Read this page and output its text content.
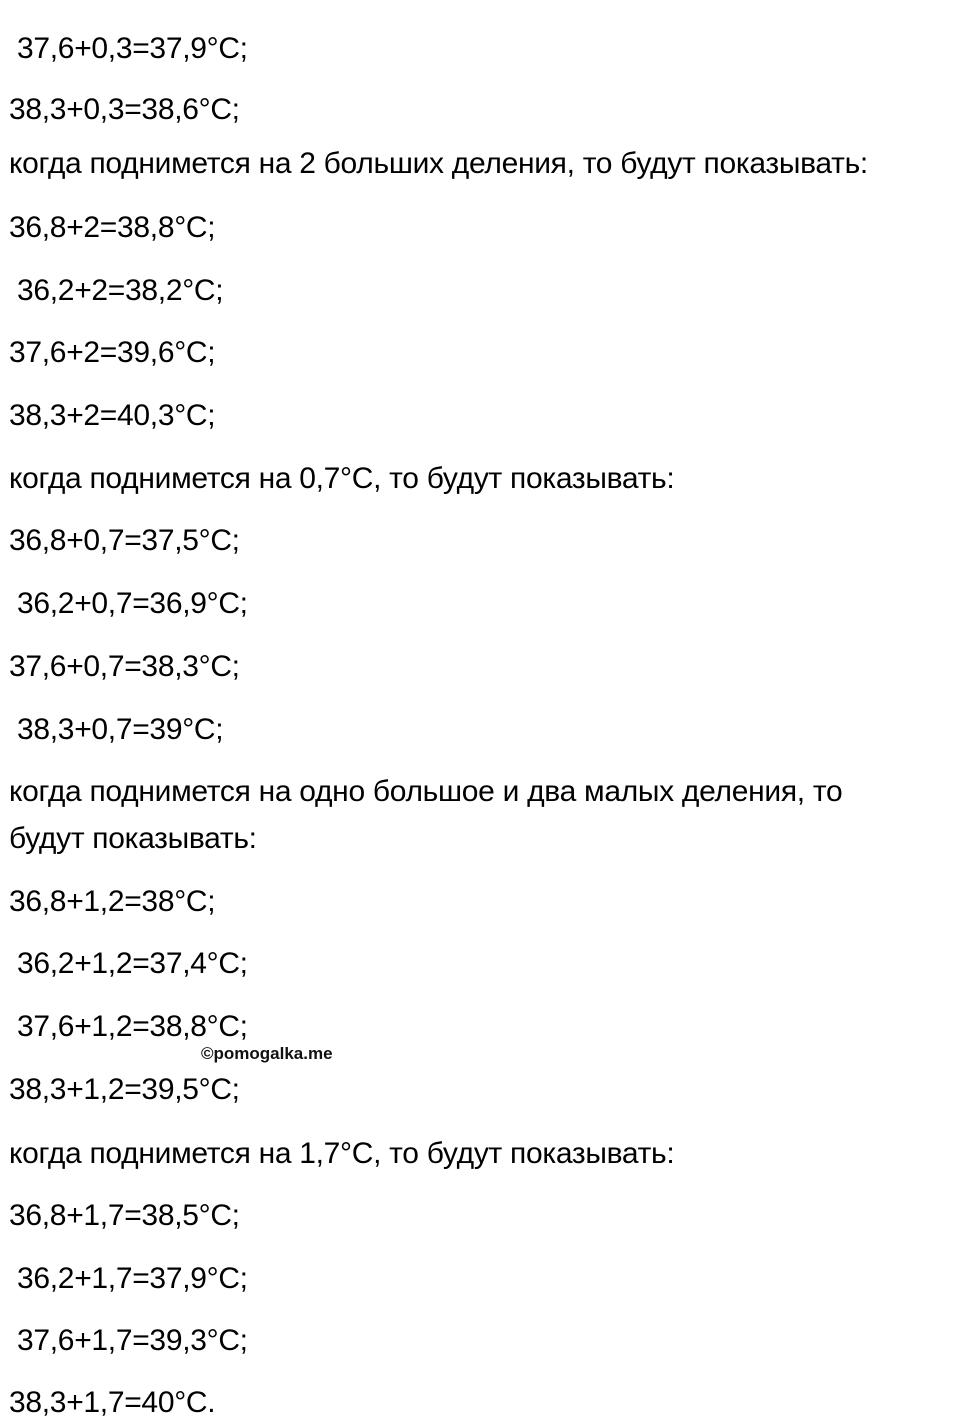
37,6+0,3=37,9°C;

38,3+0,3=38,6°C;

когда поднимется на 2 больших деления, то будут показывать:

36,8+2=38,8°C;

36,2+2=38,2°C;

37,6+2=39,6°C;

38,3+2=40,3°C;

когда поднимется на 0,7°C, то будут показывать:

36,8+0,7=37,5°C;

36,2+0,7=36,9°C;

37,6+0,7=38,3°C;

38,3+0,7=39°C;

когда поднимется на одно большое и два малых деления, то

будут показывать:

36,8+1,2=38°C;

36,2+1,2=37,4°C;

37,6+1,2=38,8°C;

38,3+1,2=39,5°C;

когда поднимется на 1,7°C, то будут показывать:

36,8+1,7=38,5°C;

36,2+1,7=37,9°C;

37,6+1,7=39,3°C;

38,3+1,7=40°C.

©pomogalka.me
